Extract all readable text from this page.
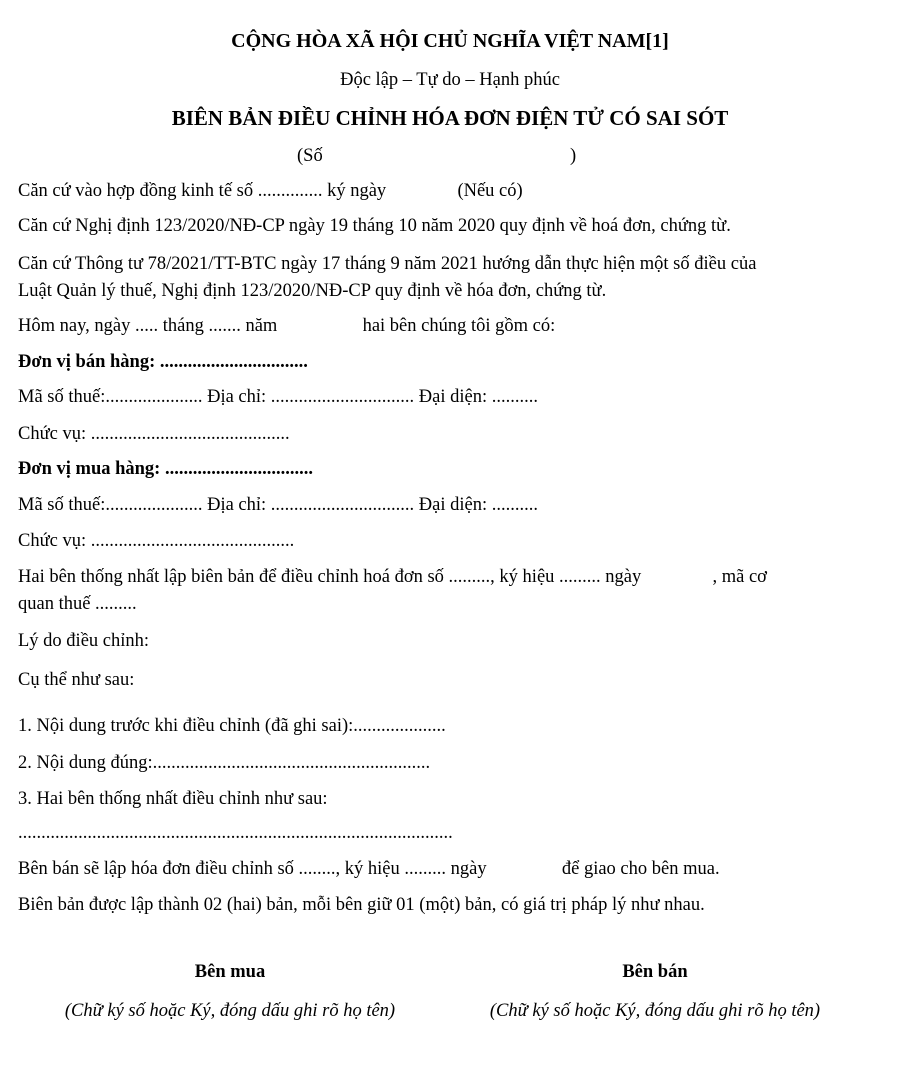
CỘNG HÒA XÃ HỘI CHỦ NGHĨA VIỆT NAM[1]
Độc lập – Tự do – Hạnh phúc
BIÊN BẢN ĐIỀU CHỈNH HÓA ĐƠN ĐIỆN TỬ CÓ SAI SÓT
(Số	)
Căn cứ vào hợp đồng kinh tế số .............. ký ngày	(Nếu có)
Căn cứ Nghị định 123/2020/NĐ-CP ngày 19 tháng 10 năm 2020 quy định về hoá đơn, chứng từ.
Căn cứ Thông tư 78/2021/TT-BTC ngày 17 tháng 9 năm 2021 hướng dẫn thực hiện một số điều của
Luật Quản lý thuế, Nghị định 123/2020/NĐ-CP quy định về hóa đơn, chứng từ.
Hôm nay, ngày ..... tháng ....... năm	hai bên chúng tôi gồm có:
Đơn vị bán hàng: ................................
Mã số thuế:..................... Địa chỉ: ............................... Đại diện: ..........
Chức vụ: ...........................................
Đơn vị mua hàng: ................................
Mã số thuế:..................... Địa chỉ: ............................... Đại diện: ..........
Chức vụ: ............................................
Hai bên thống nhất lập biên bản để điều chỉnh hoá đơn số ........., ký hiệu ......... ngày	, mã cơ
quan thuế .........
Lý do điều chỉnh:
Cụ thể như sau:
1. Nội dung trước khi điều chỉnh (đã ghi sai):....................
2. Nội dung đúng:............................................................
3. Hai bên thống nhất điều chỉnh như sau:
..............................................................................................
Bên bán sẽ lập hóa đơn điều chỉnh số ........, ký hiệu ......... ngày	để giao cho bên mua.
Biên bản được lập thành 02 (hai) bản, mỗi bên giữ 01 (một) bản, có giá trị pháp lý như nhau.
Bên mua
(Chữ ký số hoặc Ký, đóng dấu ghi rõ họ tên)
Bên bán
(Chữ ký số hoặc Ký, đóng dấu ghi rõ họ tên)
